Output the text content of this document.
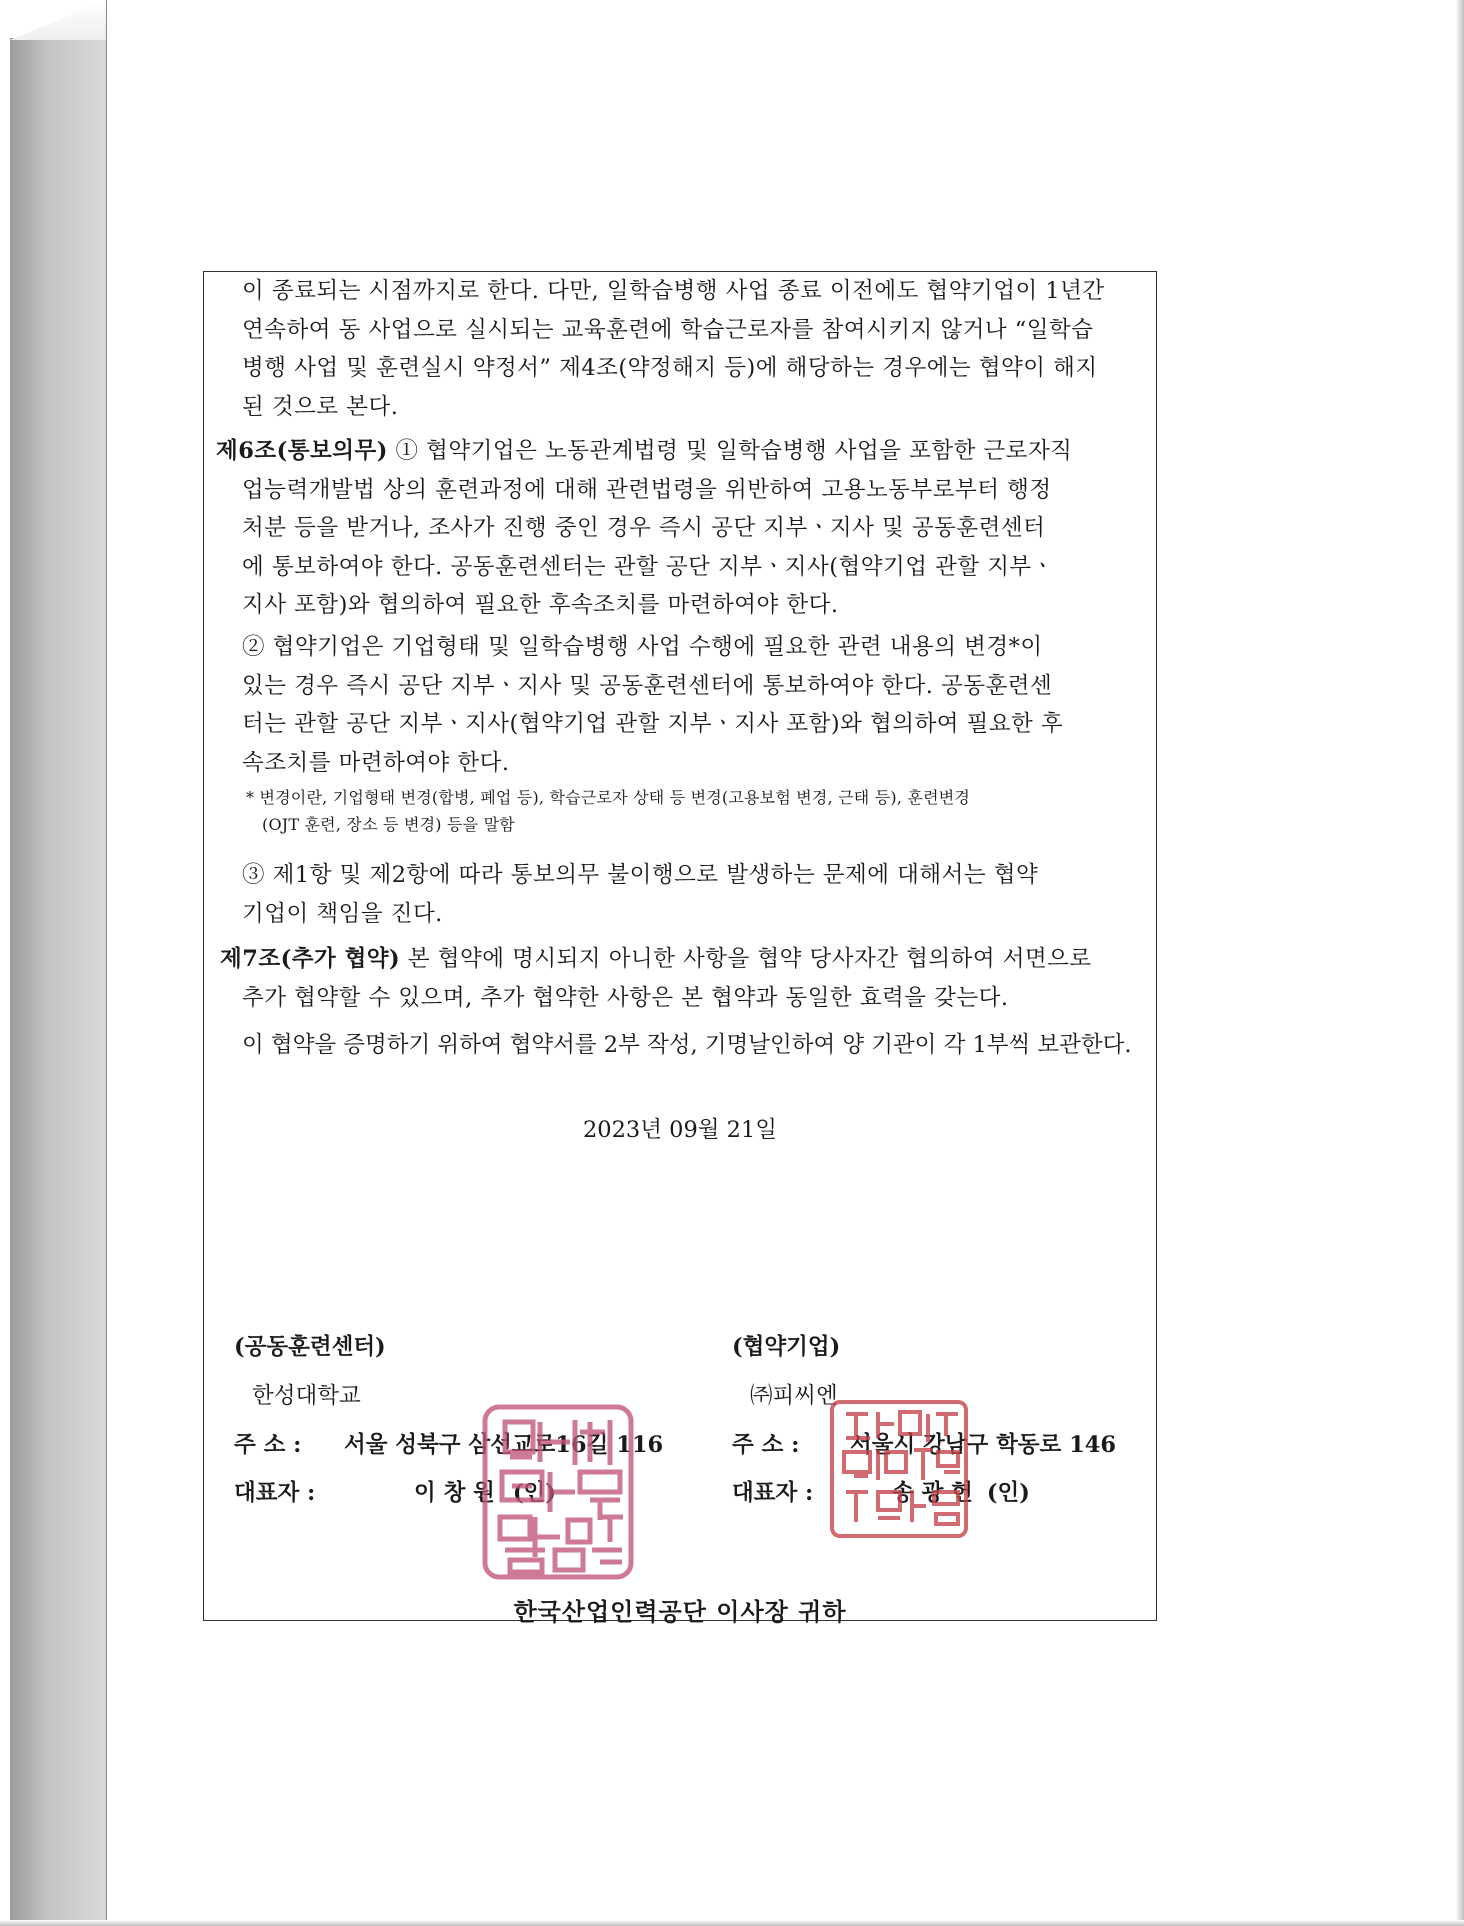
이 종료되는 시점까지로 한다. 다만, 일학습병행 사업 종료 이전에도 협약기업이 1년간
연속하여 동 사업으로 실시되는 교육훈련에 학습근로자를 참여시키지 않거나 “일학습
병행 사업 및 훈련실시 약정서” 제4조(약정해지 등)에 해당하는 경우에는 협약이 해지
된 것으로 본다.
제6조(통보의무) ① 협약기업은 노동관계법령 및 일학습병행 사업을 포함한 근로자직
업능력개발법 상의 훈련과정에 대해 관련법령을 위반하여 고용노동부로부터 행정
처분 등을 받거나, 조사가 진행 중인 경우 즉시 공단 지부ㆍ지사 및 공동훈련센터
에 통보하여야 한다. 공동훈련센터는 관할 공단 지부ㆍ지사(협약기업 관할 지부ㆍ
지사 포함)와 협의하여 필요한 후속조치를 마련하여야 한다.
② 협약기업은 기업형태 및 일학습병행 사업 수행에 필요한 관련 내용의 변경*이
있는 경우 즉시 공단 지부ㆍ지사 및 공동훈련센터에 통보하여야 한다. 공동훈련센
터는 관할 공단 지부ㆍ지사(협약기업 관할 지부ㆍ지사 포함)와 협의하여 필요한 후
속조치를 마련하여야 한다.
* 변경이란, 기업형태 변경(합병, 폐업 등), 학습근로자 상태 등 변경(고용보험 변경, 근태 등), 훈련변경
(OJT 훈련, 장소 등 변경) 등을 말함
③ 제1항 및 제2항에 따라 통보의무 불이행으로 발생하는 문제에 대해서는 협약
기업이 책임을 진다.
제7조(추가 협약) 본 협약에 명시되지 아니한 사항을 협약 당사자간 협의하여 서면으로
추가 협약할 수 있으며, 추가 협약한 사항은 본 협약과 동일한 효력을 갖는다.
이 협약을 증명하기 위하여 협약서를 2부 작성, 기명날인하여 양 기관이 각 1부씩 보관한다.
2023년 09월 21일
(공동훈련센터)
한성대학교
주 소 : 서울 성북구 삼선교로16길 116
대표자 :	이 창 원 (인)
(협약기업)
㈜피씨엔
주 소 : 서울시 강남구 학동로 146
대표자 :	송 광 헌 (인)
한국산업인력공단 이사장 귀하
